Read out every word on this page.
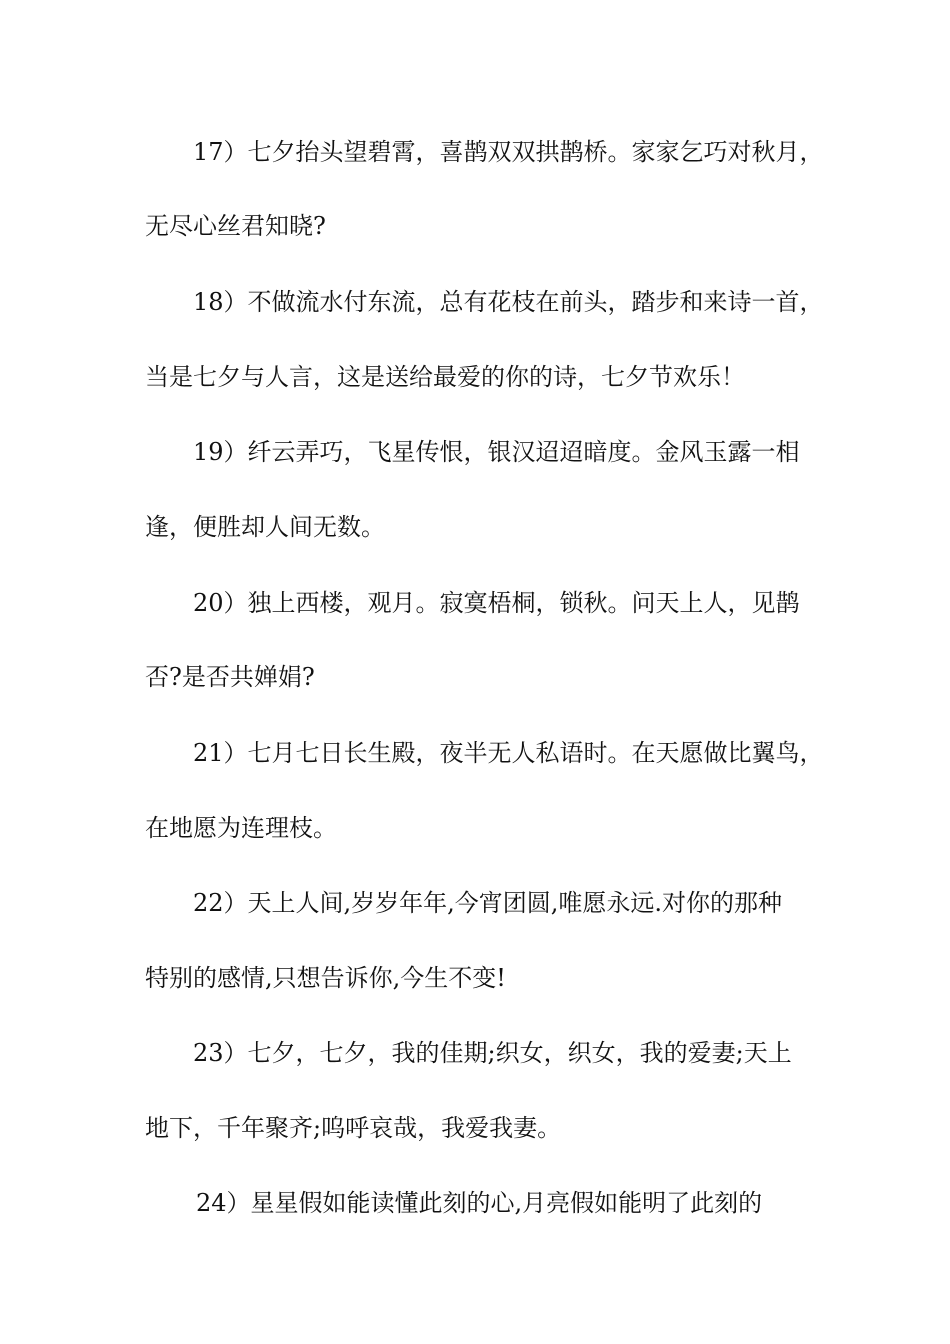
17）七夕抬头望碧霄，喜鹊双双拱鹊桥。家家乞巧对秋月，
无尽心丝君知晓?
18）不做流水付东流，总有花枝在前头，踏步和来诗一首，
当是七夕与人言，这是送给最爱的你的诗，七夕节欢乐！
19）纤云弄巧，飞星传恨，银汉迢迢暗度。金风玉露一相
逢，便胜却人间无数。
20）独上西楼，观月。寂寞梧桐，锁秋。问天上人，见鹊
否?是否共婵娟?
21）七月七日长生殿，夜半无人私语时。在天愿做比翼鸟，
在地愿为连理枝。
22）天上人间,岁岁年年,今宵团圆,唯愿永远.对你的那种
特别的感情,只想告诉你,今生不变!
23）七夕，七夕，我的佳期;织女，织女，我的爱妻;天上
地下，千年聚齐;呜呼哀哉，我爱我妻。
24）星星假如能读懂此刻的心,月亮假如能明了此刻的
